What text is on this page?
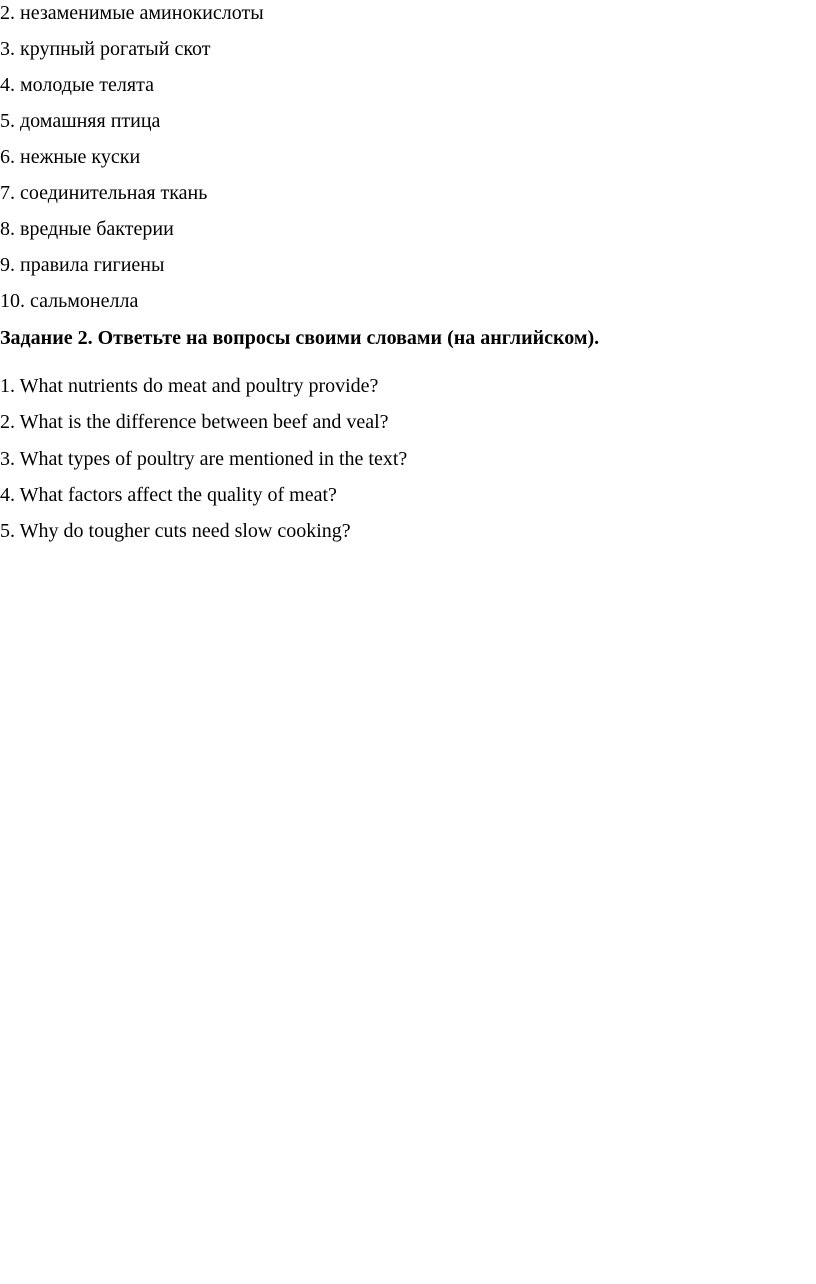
2. незаменимые аминокислоты
3. крупный рогатый скот
4. молодые телята
5. домашняя птица
6. нежные куски
7. соединительная ткань
8. вредные бактерии
9. правила гигиены
10. сальмонелла
Задание 2. Ответьте на вопросы своими словами (на английском).
1. What nutrients do meat and poultry provide?
2. What is the difference between beef and veal?
3. What types of poultry are mentioned in the text?
4. What factors affect the quality of meat?
5. Why do tougher cuts need slow cooking?
